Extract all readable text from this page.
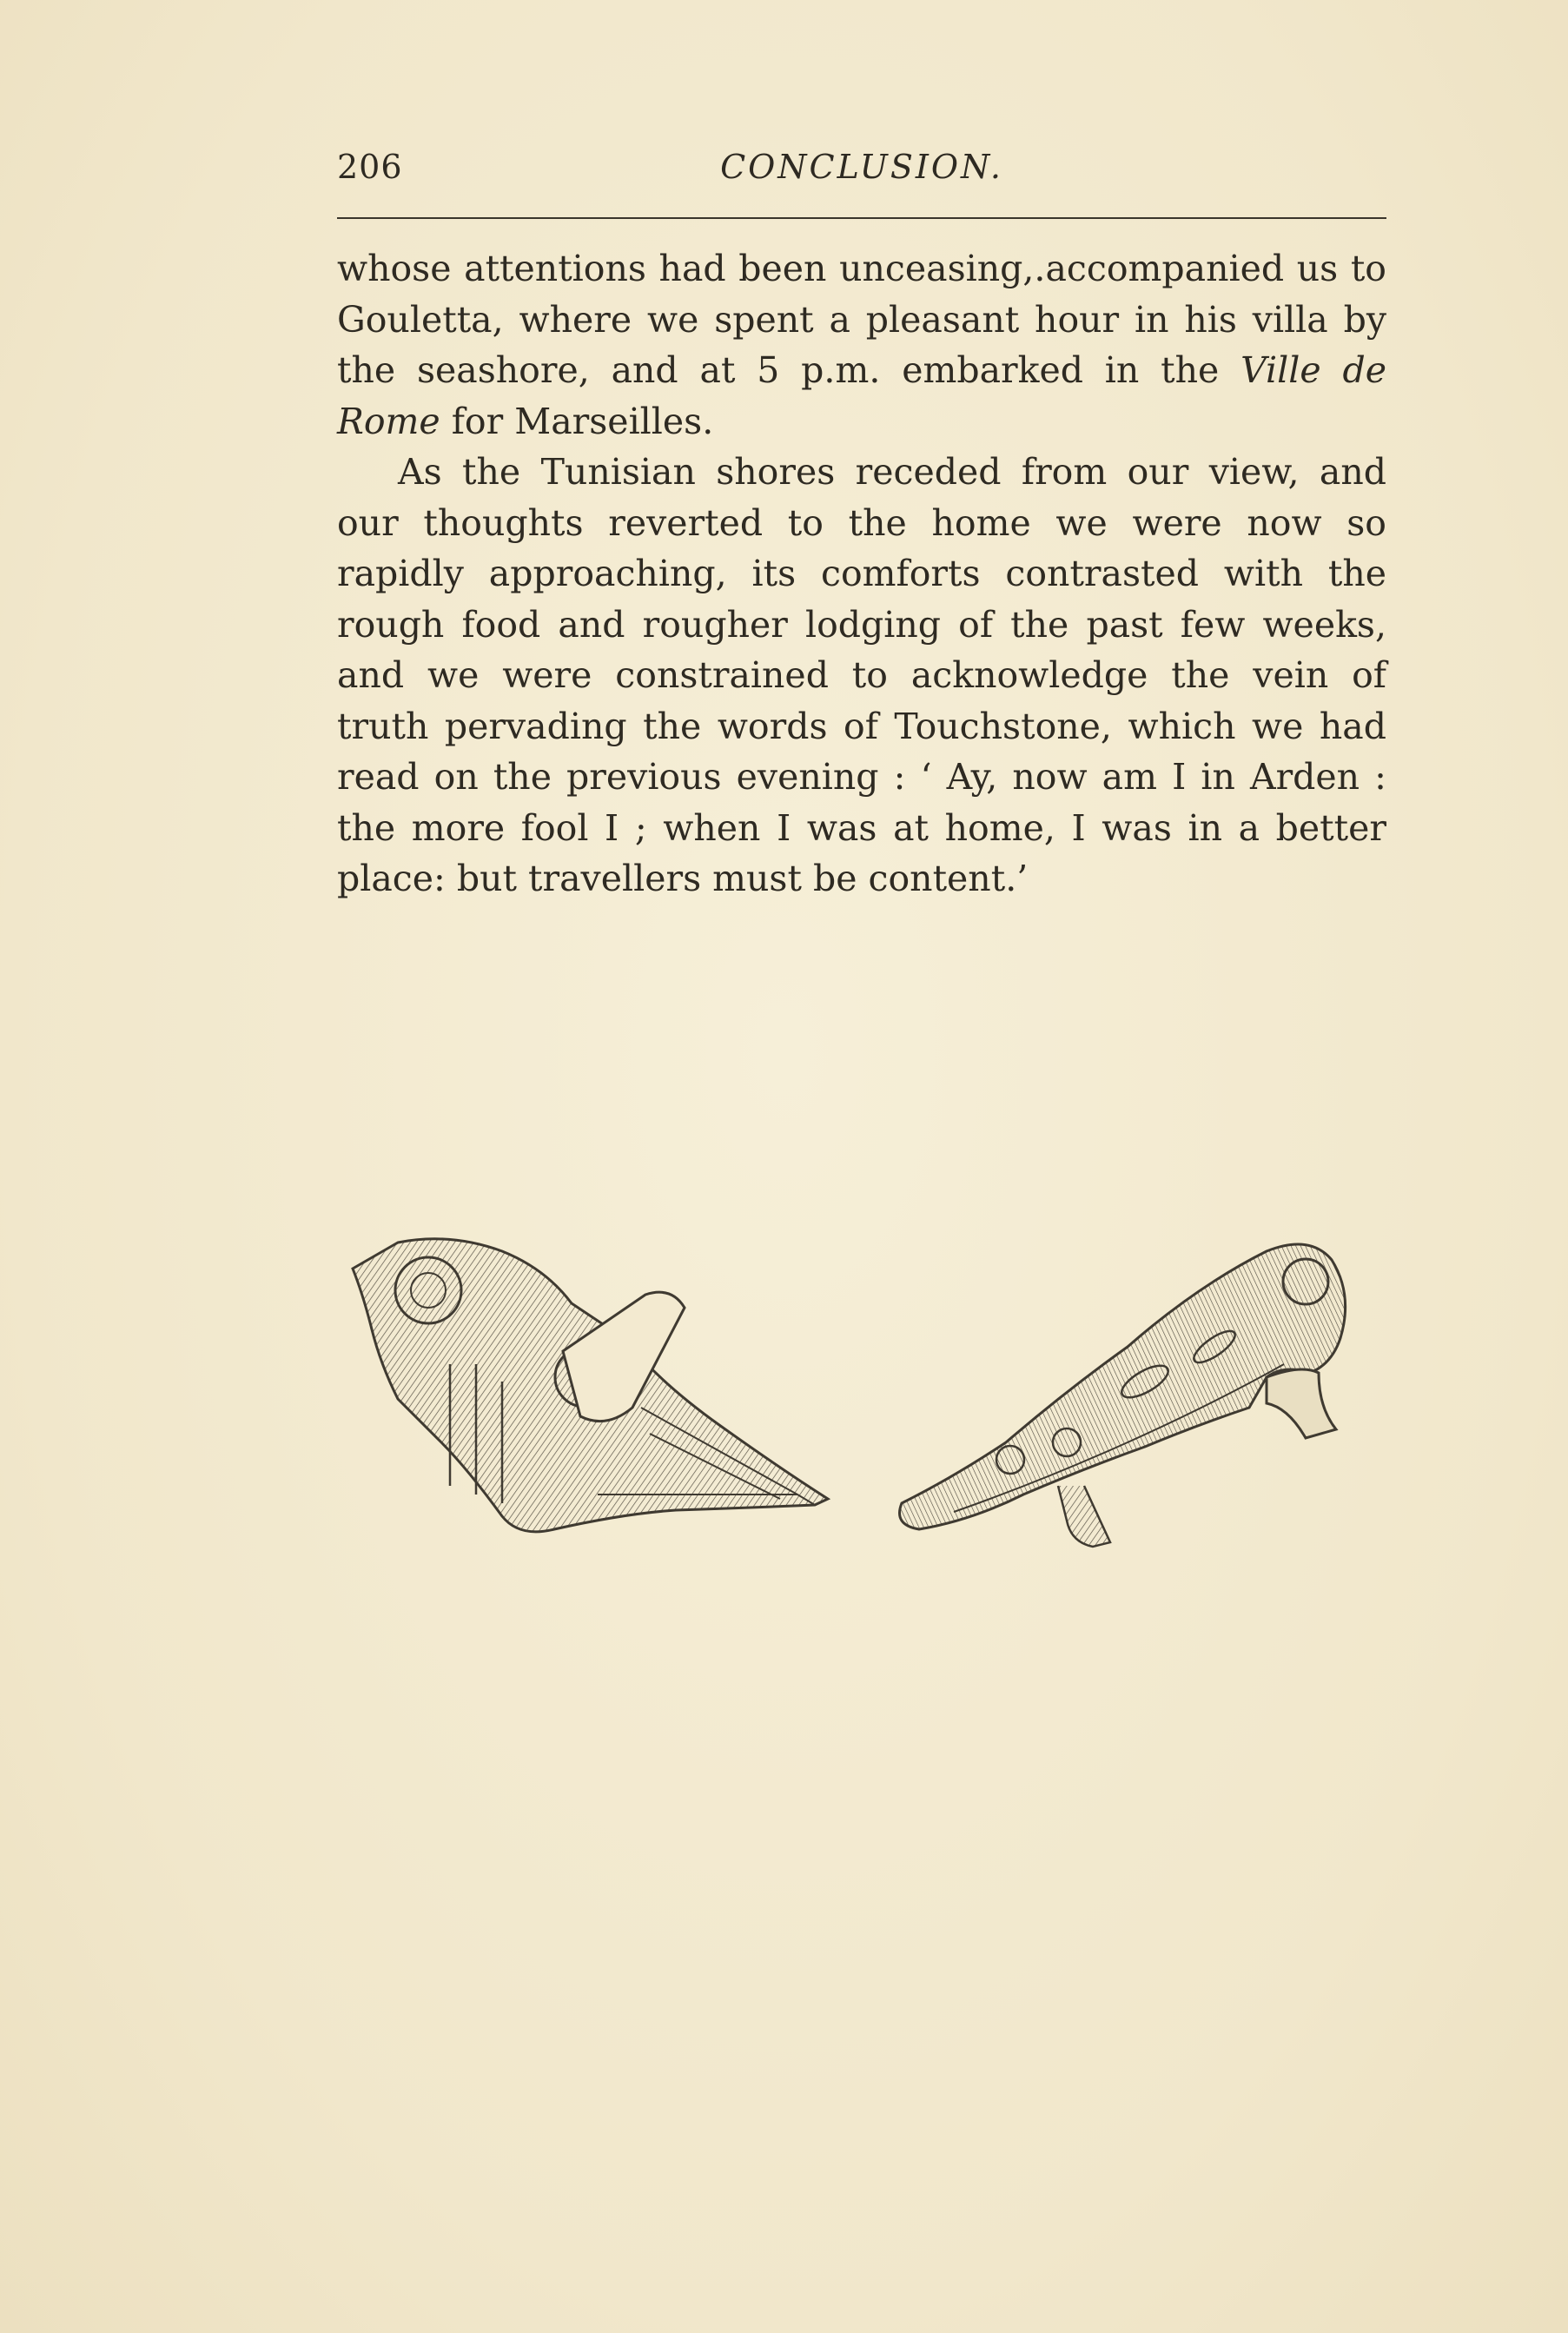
206	CONCLUSION.
whose attentions had been unceasing,.accompanied us to
Gouletta, where we spent a pleasant hour in his villa by
the seashore, and at 5 p.m. embarked in the Ville de
Rome for Marseilles.
As the Tunisian shores receded from our view, and
our thoughts reverted to the home we were now so
rapidly approaching, its comforts contrasted with the
rough food and rougher lodging of the past few weeks,
and we were constrained to acknowledge the vein of
truth pervading the words of Touchstone, which we had
read on the previous evening : ‘ Ay, now am I in Arden :
the more fool I ; when I was at home, I was in a better
place: but travellers must be content.’
